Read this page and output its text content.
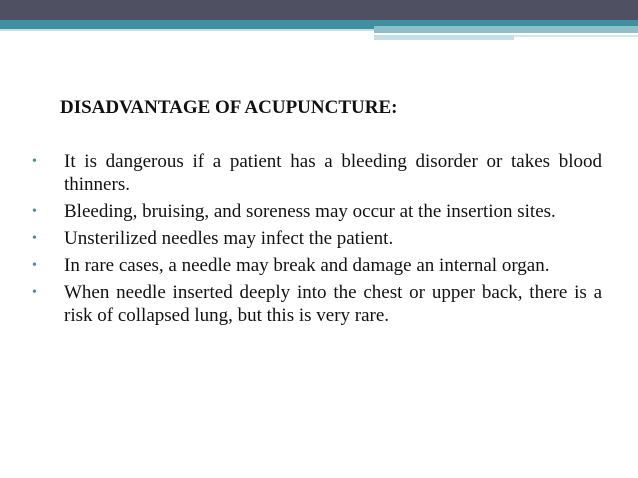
DISADVANTAGE OF ACUPUNCTURE:
•	It is dangerous if a patient has a bleeding disorder or takes blood thinners.
•	Bleeding, bruising, and soreness may occur at the insertion sites.
•	Unsterilized needles may infect the patient.
•	In rare cases, a needle may break and damage an internal organ.
•	When needle inserted deeply into the chest or upper back, there is a risk of collapsed lung, but this is very rare.
